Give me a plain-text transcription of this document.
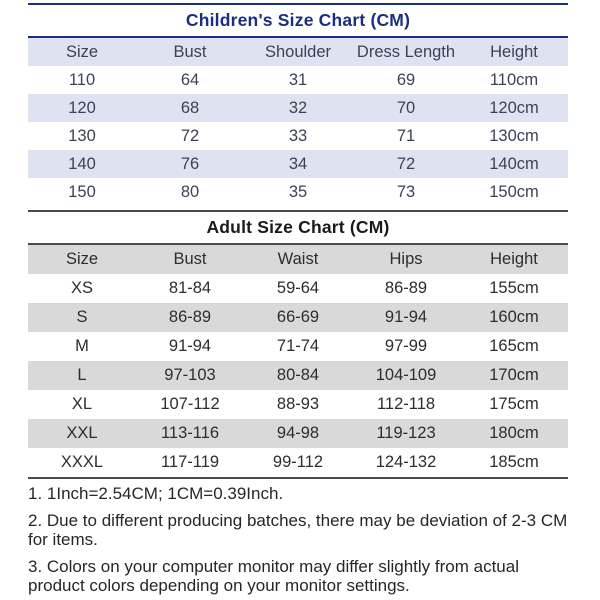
Children's Size Chart (CM)
Size	Bust	Shoulder	Dress Length	Height
110	64	31	69	110cm
120	68	32	70	120cm
130	72	33	71	130cm
140	76	34	72	140cm
150	80	35	73	150cm
Adult Size Chart (CM)
Size	Bust	Waist	Hips	Height
XS	81-84	59-64	86-89	155cm
S	86-89	66-69	91-94	160cm
M	91-94	71-74	97-99	165cm
L	97-103	80-84	104-109	170cm
XL	107-112	88-93	112-118	175cm
XXL	113-116	94-98	119-123	180cm
XXXL	117-119	99-112	124-132	185cm

1. 1Inch=2.54CM; 1CM=0.39Inch.

2. Due to different producing batches, there may be deviation of 2-3 CM for items.

3. Colors on your computer monitor may differ slightly from actual product colors depending on your monitor settings.
